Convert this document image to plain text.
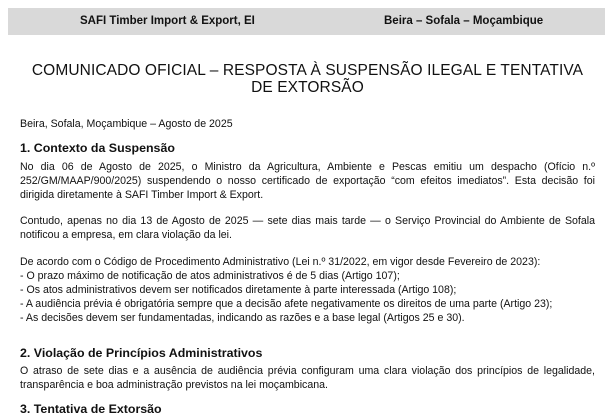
SAFI Timber Import & Export, EI	Beira – Sofala – Moçambique
COMUNICADO OFICIAL – RESPOSTA À SUSPENSÃO ILEGAL E TENTATIVA
DE EXTORSÃO
Beira, Sofala, Moçambique – Agosto de 2025
1. Contexto da Suspensão
No dia 06 de Agosto de 2025, o Ministro da Agricultura, Ambiente e Pescas emitiu um despacho (Ofício n.º 252/GM/MAAP/900/2025) suspendendo o nosso certificado de exportação “com efeitos imediatos”. Esta decisão foi dirigida diretamente à SAFI Timber Import & Export.
Contudo, apenas no dia 13 de Agosto de 2025 — sete dias mais tarde — o Serviço Provincial do Ambiente de Sofala notificou a empresa, em clara violação da lei.
De acordo com o Código de Procedimento Administrativo (Lei n.º 31/2022, em vigor desde Fevereiro de 2023):
- O prazo máximo de notificação de atos administrativos é de 5 dias (Artigo 107);
- Os atos administrativos devem ser notificados diretamente à parte interessada (Artigo 108);
- A audiência prévia é obrigatória sempre que a decisão afete negativamente os direitos de uma parte (Artigo 23);
- As decisões devem ser fundamentadas, indicando as razões e a base legal (Artigos 25 e 30).
2. Violação de Princípios Administrativos
O atraso de sete dias e a ausência de audiência prévia configuram uma clara violação dos princípios de legalidade, transparência e boa administração previstos na lei moçambicana.
3. Tentativa de Extorsão
